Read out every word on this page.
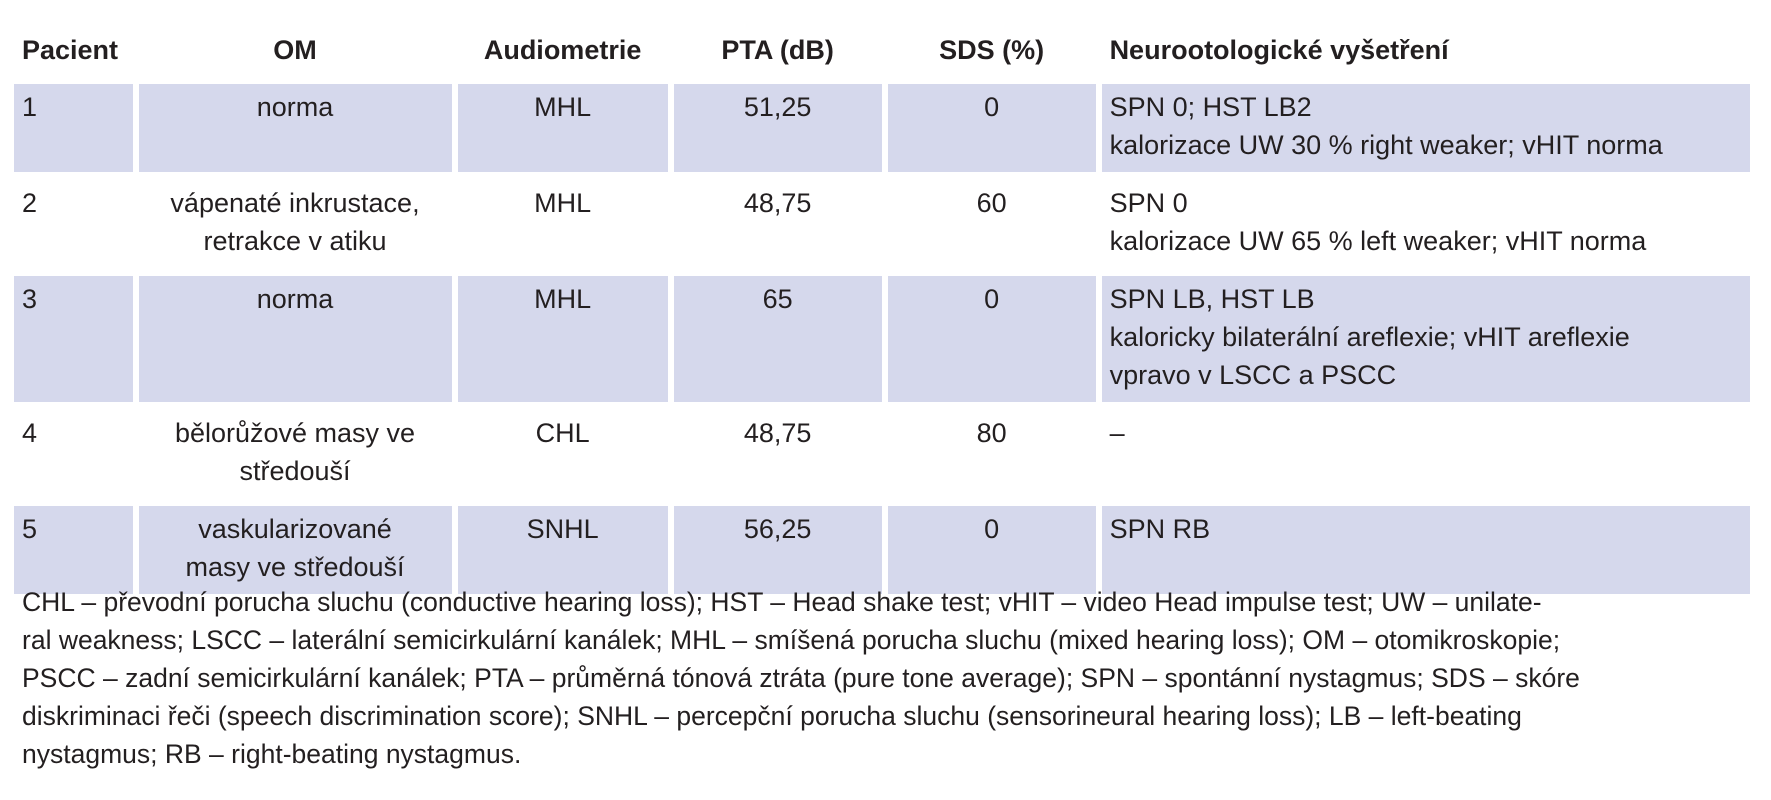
Pacient	OM	Audiometrie	PTA (dB)	SDS (%)	Neurootologické vyšetření
1	norma	MHL	51,25	0	SPN 0; HST LB2
kalorizace UW 30 % right weaker; vHIT norma

2	vápenaté inkrustace,
retrakce v atiku	MHL	48,75	60	SPN 0
kalorizace UW 65 % left weaker; vHIT norma

3	norma	MHL	65	0	SPN LB, HST LB
kaloricky bilaterální areflexie; vHIT areflexie
vpravo v LSCC a PSCC

4	bělorůžové masy ve
středouší	CHL	48,75	80	–

5	vaskularizované
masy ve středouší	SNHL	56,25	0	SPN RB

CHL – převodní porucha sluchu (conductive hearing loss); HST – Head shake test; vHIT – video Head impulse test; UW – unilate-
ral weakness; LSCC – laterální semicirkulární kanálek; MHL – smíšená porucha sluchu (mixed hearing loss); OM – otomikroskopie;
PSCC – zadní semicirkulární kanálek; PTA – průměrná tónová ztráta (pure tone average); SPN – spontánní nystagmus; SDS – skóre
diskriminaci řeči (speech discrimination score); SNHL – percepční porucha sluchu (sensorineural hearing loss); LB – left-beating
nystagmus; RB – right-beating nystagmus.
